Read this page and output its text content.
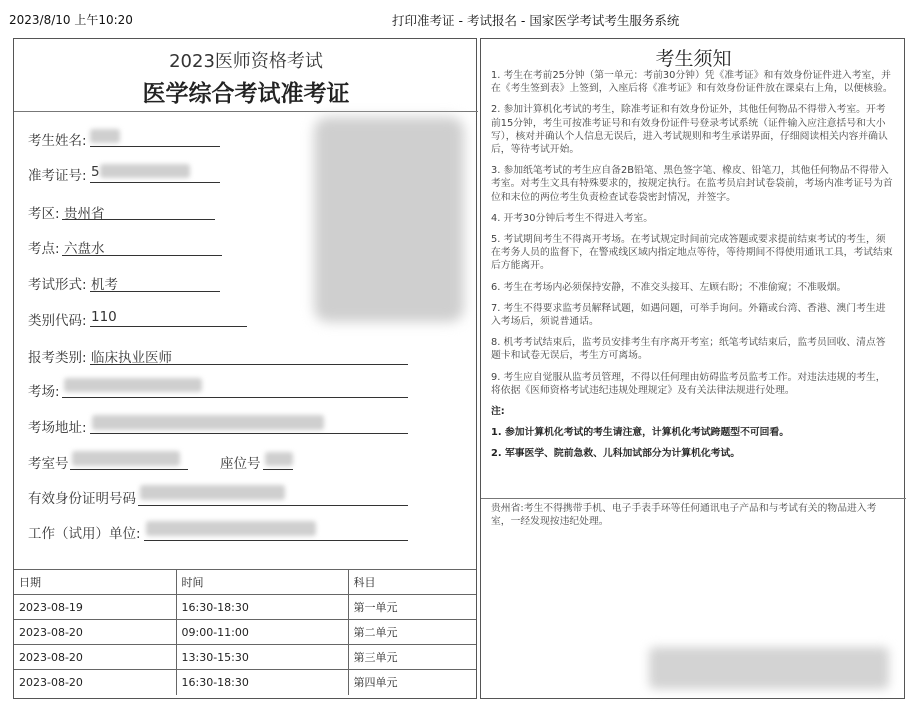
2023/8/10 上午10:20	打印准考证 - 考试报名 - 国家医学考试考生服务系统
2023医师资格考试
医学综合考试准考证
考生姓名:
准考证号: 5
考区: 贵州省
考点: 六盘水
考试形式: 机考
类别代码: 110
报考类别: 临床执业医师
考场:
考场地址:
考室号	座位号
有效身份证明号码
工作（试用）单位:
日期	时间	科目
2023-08-19	16:30-18:30	第一单元
2023-08-20	09:00-11:00	第二单元
2023-08-20	13:30-15:30	第三单元
2023-08-20	16:30-18:30	第四单元
考生须知

1. 考生在考前25分钟（第一单元：考前30分钟）凭《准考证》和有效身份证件进入考室，并在《考生签到表》上签到，入座后将《准考证》和有效身份证件放在课桌右上角，以便核验。

2. 参加计算机化考试的考生，除准考证和有效身份证外，其他任何物品不得带入考室。开考前15分钟，考生可按准考证号和有效身份证件号登录考试系统（证件输入应注意括号和大小写），核对并确认个人信息无误后，进入考试规则和考生承诺界面，仔细阅读相关内容并确认后，等待考试开始。

3. 参加纸笔考试的考生应自备2B铅笔、黑色签字笔、橡皮、铅笔刀，其他任何物品不得带入考室。对考生文具有特殊要求的，按规定执行。在监考员启封试卷袋前，考场内准考证号为首位和末位的两位考生负责检查试卷袋密封情况，并签字。

4. 开考30分钟后考生不得进入考室。

5. 考试期间考生不得离开考场。在考试规定时间前完成答题或要求提前结束考试的考生，须在考务人员的监督下，在警戒线区域内指定地点等待，等待期间不得使用通讯工具，考试结束后方能离开。

6. 考生在考场内必须保持安静，不准交头接耳、左顾右盼；不准偷窥；不准吸烟。

7. 考生不得要求监考员解释试题，如遇问题，可举手询问。外籍或台湾、香港、澳门考生进入考场后，须说普通话。

8. 机考考试结束后，监考员安排考生有序离开考室；纸笔考试结束后，监考员回收、清点答题卡和试卷无误后，考生方可离场。

9. 考生应自觉服从监考员管理，不得以任何理由妨碍监考员监考工作。对违法违规的考生，将依据《医师资格考试违纪违规处理规定》及有关法律法规进行处理。

注:

1. 参加计算机化考试的考生请注意，计算机化考试跨题型不可回看。

2. 军事医学、院前急救、儿科加试部分为计算机化考试。

贵州省:考生不得携带手机、电子手表手环等任何通讯电子产品和与考试有关的物品进入考室，一经发现按违纪处理。
